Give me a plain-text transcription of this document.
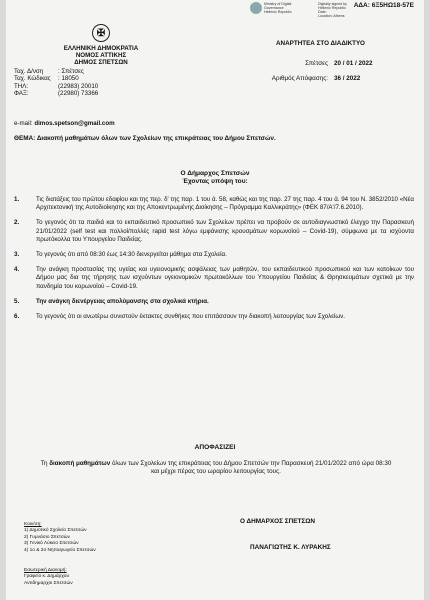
ΑΔΑ: 6Ξ5ΗΩ18-57Ε
Ministry of Digital
Governance
Hellenic Republic
Digitally signed by
Hellenic Republic
Date:
Location: Athens
✠
ΕΛΛΗΝΙΚΗ ΔΗΜΟΚΡΑΤΙΑ
ΝΟΜΟΣ ΑΤΤΙΚΗΣ
ΔΗΜΟΣ ΣΠΕΤΣΩΝ
Ταχ. Δ/νση	: Σπέτσες
Ταχ. Κώδικας	: 18050
ΤΗΛ:	(22983) 20010
ΦΑΞ:	(22980) 73366
e-mail: dimos.spetson@gmail.com
ΑΝΑΡΤΗΤΕΑ ΣΤΟ ΔΙΑΔΙΚΤΥΟ
Σπέτσες 20 / 01 / 2022
Αριθμός Απόφασης: 36 / 2022
ΘΕΜΑ: Διακοπή μαθημάτων όλων των Σχολείων της επικράτειας του Δήμου Σπετσών.
Ο Δήμαρχος Σπετσών
Έχοντας υπόψη του:
1.	Τις διατάξεις του πρώτου εδαφίου και της περ. δ' της παρ. 1 του ά. 58, καθώς και της παρ. 27 της παρ. 4 του ά. 94 του Ν. 3852/2010 «Νέα Αρχιτεκτονική της Αυτοδιοίκησης και της Αποκεντρωμένης Διοίκησης – Πρόγραμμα Καλλικράτης» (ΦΕΚ 87/Α'/7.6.2010).
2.	Το γεγονός ότι τα παιδιά και το εκπαιδευτικό προσωπικό των Σχολείων πρέπει να προβούν σε αυτοδιαγνωστικό έλεγχο την Παρασκευή 21/01/2022 (self test και πολλοί/πολλές rapid test λόγω εμφάνισης κρουσμάτων κορωνοϊού – Covid-19), σύμφωνα με τα ισχύοντα πρωτόκολλα του Υπουργείου Παιδείας.
3.	Το γεγονός ότι από 08:30 έως 14:30 διενεργείται μάθημα στα Σχολεία.
4.	Την ανάγκη προστασίας της υγείας και υγειονομικής ασφάλειας των μαθητών, του εκπαιδευτικού προσωπικού και των κατοίκων του Δήμου μας δια της τήρησης των ισχυόντων υγειονομικών πρωτοκόλλων του Υπουργείου Παιδείας & Θρησκευμάτων σχετικά με την πανδημία του κορωνοϊού – Covid-19.
5.	Την ανάγκη διενέργειας απολύμανσης στα σχολικά κτήρια.
6.	Το γεγονός ότι οι ανωτέρω συνιστούν έκτακτες συνθήκες που επιτάσσουν την διακοπή λειτουργίας των Σχολείων.
ΑΠΟΦΑΣΙΖΕΙ
Τη διακοπή μαθημάτων όλων των Σχολείων της επικράτειας του Δήμου Σπετσών την Παρασκευή 21/01/2022 από ώρα 08:30 και μέχρι πέρας του ωραρίου λειτουργίας τους.
Ο ΔΗΜΑΡΧΟΣ ΣΠΕΤΣΩΝ
ΠΑΝΑΓΙΩΤΗΣ Κ. ΛΥΡΑΚΗΣ
Κοιν/ση:
1) Δημοτικό Σχολείο Σπετσών
2) Γυμνάσιο Σπετσών
3) Γενικό Λύκειο Σπετσών
4) 1ο & 2ο Νηπιαγωγείο Σπετσών
Εσωτερική Διανομή:
Γραφείο κ. Δημάρχου
Αντιδημαρχοι Σπετσών
